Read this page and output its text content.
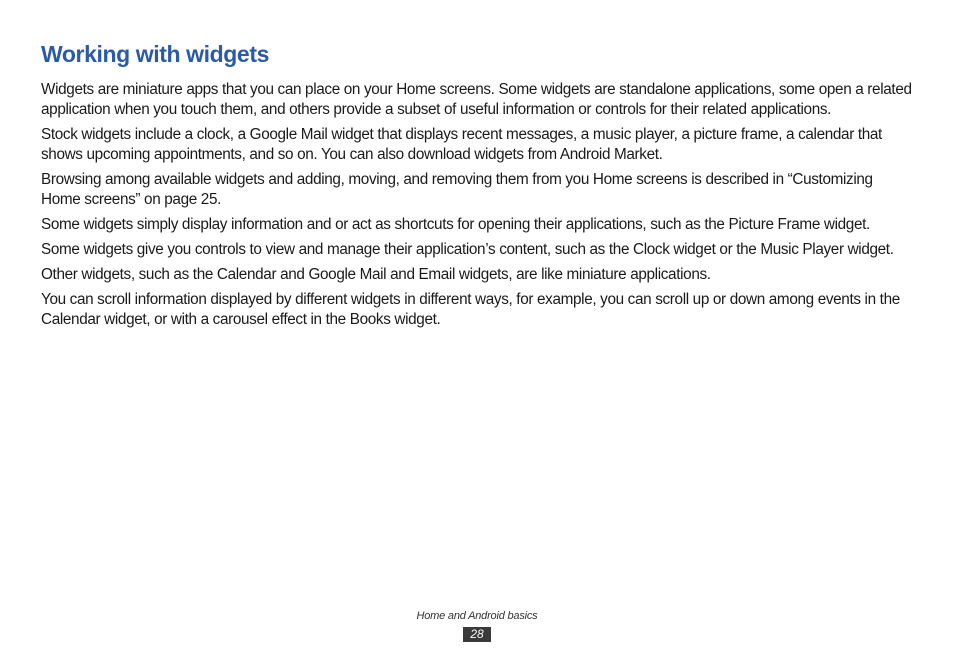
Working with widgets

Widgets are miniature apps that you can place on your Home screens. Some widgets are standalone applications, some open a related application when you touch them, and others provide a subset of useful information or controls for their related applications.

Stock widgets include a clock, a Google Mail widget that displays recent messages, a music player, a picture frame, a calendar that shows upcoming appointments, and so on. You can also download widgets from Android Market.

Browsing among available widgets and adding, moving, and removing them from you Home screens is described in “Customizing Home screens” on page 25.

Some widgets simply display information and or act as shortcuts for opening their applications, such as the Picture Frame widget.

Some widgets give you controls to view and manage their application’s content, such as the Clock widget or the Music Player widget.

Other widgets, such as the Calendar and Google Mail and Email widgets, are like miniature applications.

You can scroll information displayed by different widgets in different ways, for example, you can scroll up or down among events in the Calendar widget, or with a carousel effect in the Books widget.

Home and Android basics
28
